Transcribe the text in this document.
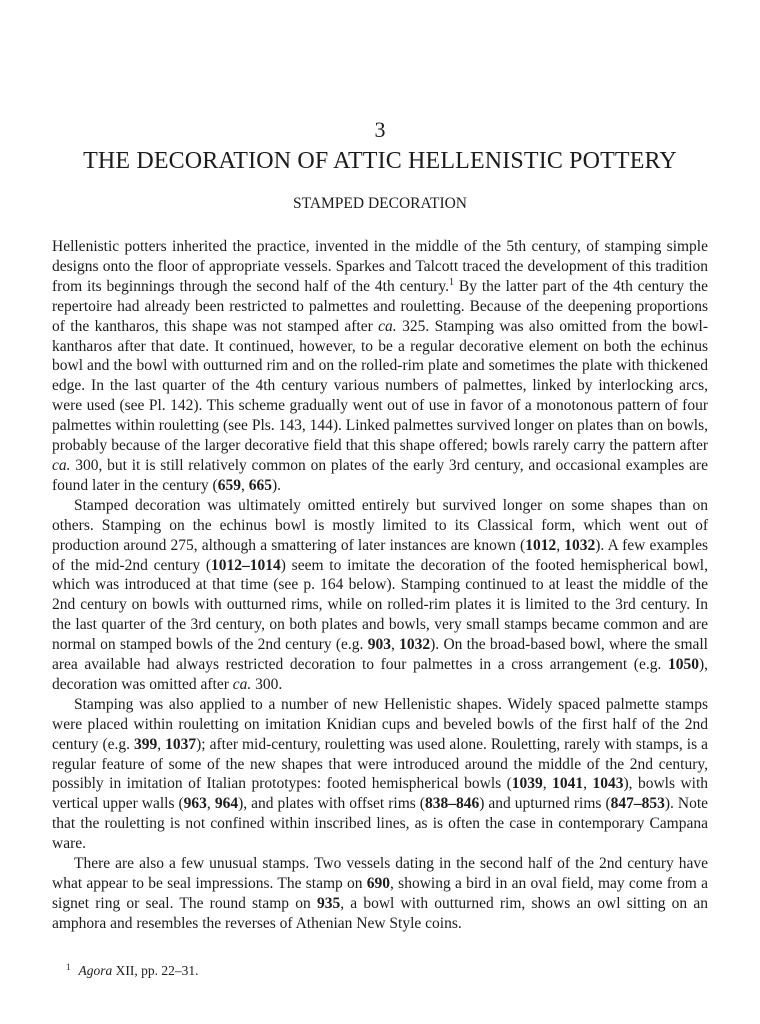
3
THE DECORATION OF ATTIC HELLENISTIC POTTERY
STAMPED DECORATION

Hellenistic potters inherited the practice, invented in the middle of the 5th century, of stamping simple designs onto the floor of appropriate vessels. Sparkes and Talcott traced the development of this tradition from its beginnings through the second half of the 4th century.$^1$ By the latter part of the 4th century the repertoire had already been restricted to palmettes and rouletting. Because of the deepening proportions of the kantharos, this shape was not stamped after ca. 325. Stamping was also omitted from the bowl-kantharos after that date. It continued, however, to be a regular decorative element on both the echinus bowl and the bowl with outturned rim and on the rolled-rim plate and sometimes the plate with thickened edge. In the last quarter of the 4th century various numbers of palmettes, linked by interlocking arcs, were used (see Pl. 142). This scheme gradually went out of use in favor of a monotonous pattern of four palmettes within rouletting (see Pls. 143, 144). Linked palmettes survived longer on plates than on bowls, probably because of the larger decorative field that this shape offered; bowls rarely carry the pattern after ca. 300, but it is still relatively common on plates of the early 3rd century, and occasional examples are found later in the century (659, 665).

Stamped decoration was ultimately omitted entirely but survived longer on some shapes than on others. Stamping on the echinus bowl is mostly limited to its Classical form, which went out of production around 275, although a smattering of later instances are known (1012, 1032). A few examples of the mid-2nd century (1012–1014) seem to imitate the decoration of the footed hemispherical bowl, which was introduced at that time (see p. 164 below). Stamping continued to at least the middle of the 2nd century on bowls with outturned rims, while on rolled-rim plates it is limited to the 3rd century. In the last quarter of the 3rd century, on both plates and bowls, very small stamps became common and are normal on stamped bowls of the 2nd century (e.g. 903, 1032). On the broad-based bowl, where the small area available had always restricted decoration to four palmettes in a cross arrangement (e.g. 1050), decoration was omitted after ca. 300.

Stamping was also applied to a number of new Hellenistic shapes. Widely spaced palmette stamps were placed within rouletting on imitation Knidian cups and beveled bowls of the first half of the 2nd century (e.g. 399, 1037); after mid-century, rouletting was used alone. Rouletting, rarely with stamps, is a regular feature of some of the new shapes that were introduced around the middle of the 2nd century, possibly in imitation of Italian prototypes: footed hemispherical bowls (1039, 1041, 1043), bowls with vertical upper walls (963, 964), and plates with offset rims (838–846) and upturned rims (847–853). Note that the rouletting is not confined within inscribed lines, as is often the case in contemporary Campana ware.

There are also a few unusual stamps. Two vessels dating in the second half of the 2nd century have what appear to be seal impressions. The stamp on 690, showing a bird in an oval field, may come from a signet ring or seal. The round stamp on 935, a bowl with outturned rim, shows an owl sitting on an amphora and resembles the reverses of Athenian New Style coins.

$^1$ Agora XII, pp. 22–31.
